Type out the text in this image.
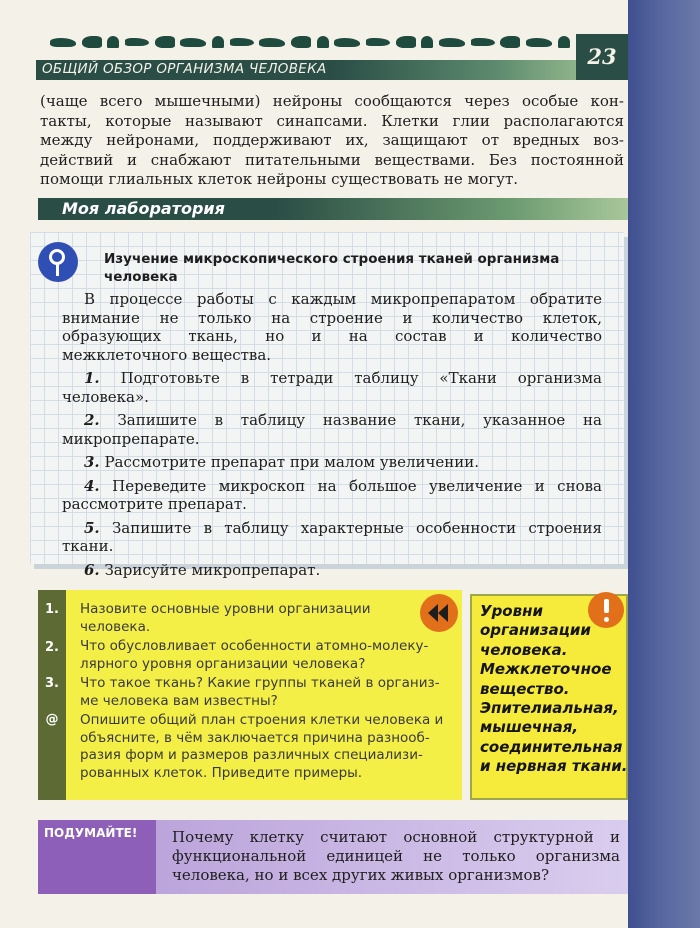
ОБЩИЙ ОБЗОР ОРГАНИЗМА ЧЕЛОВЕКА	23

(чаще всего мышечными) нейроны сообщаются через особые кон-

такты, которые называют синапсами. Клетки глии располагаются

между нейронами, поддерживают их, защищают от вредных воз-

действий и снабжают питательными веществами. Без постоянной

помощи глиальных клеток нейроны существовать не могут.

Моя лаборатория

Изучение микроскопического строения тканей организма

человека

В процессе работы с каждым микропрепаратом обратите

внимание не только на строение и количество клеток,

образующих ткань, но и на состав и количество

межклеточного вещества.

1. Подготовьте в тетради таблицу «Ткани организма

человека».

2. Запишите в таблицу название ткани, указанное на

микропрепарате.

3. Рассмотрите препарат при малом увеличении.

4. Переведите микроскоп на большое увеличение и снова

рассмотрите препарат.

5. Запишите в таблицу характерные особенности строения

ткани.

6. Зарисуйте микропрепарат.

1.
2.
3.
@

Назовите основные уровни организации

человека.

Что обусловливает особенности атомно-молеку-

лярного уровня организации человека?

Что такое ткань? Какие группы тканей в организ-

ме человека вам известны?

Опишите общий план строения клетки человека и

объясните, в чём заключается причина разнооб-

разия форм и размеров различных специализи-

рованных клеток. Приведите примеры.

Уровни

организации

человека.

Межклеточное

вещество.

Эпителиальная,

мышечная,

соединительная

и нервная ткани.

ПОДУМАЙТЕ! Почему клетку считают основной структурной и

функциональной единицей не только организма

человека, но и всех других живых организмов?
